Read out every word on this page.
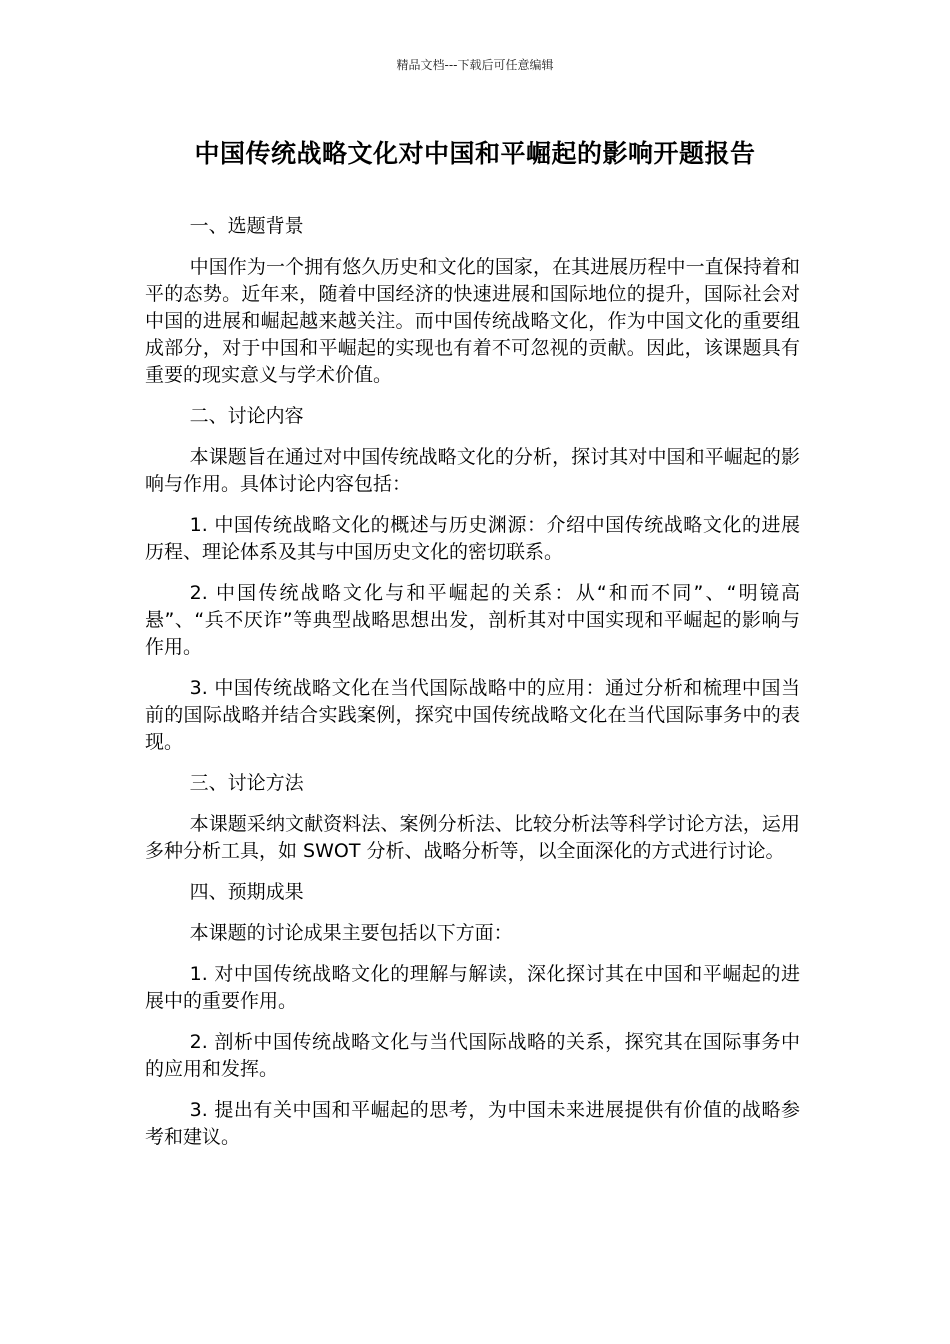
精品文档---下载后可任意编辑
中国传统战略文化对中国和平崛起的影响开题报告

一、选题背景

中国作为一个拥有悠久历史和文化的国家，在其进展历程中一直保持着和平的态势。近年来，随着中国经济的快速进展和国际地位的提升，国际社会对中国的进展和崛起越来越关注。而中国传统战略文化，作为中国文化的重要组成部分，对于中国和平崛起的实现也有着不可忽视的贡献。因此，该课题具有重要的现实意义与学术价值。

二、讨论内容

本课题旨在通过对中国传统战略文化的分析，探讨其对中国和平崛起的影响与作用。具体讨论内容包括：

1. 中国传统战略文化的概述与历史渊源：介绍中国传统战略文化的进展历程、理论体系及其与中国历史文化的密切联系。

2. 中国传统战略文化与和平崛起的关系：从“和而不同”、“明镜高悬”、“兵不厌诈”等典型战略思想出发，剖析其对中国实现和平崛起的影响与作用。

3. 中国传统战略文化在当代国际战略中的应用：通过分析和梳理中国当前的国际战略并结合实践案例，探究中国传统战略文化在当代国际事务中的表现。

三、讨论方法

本课题采纳文献资料法、案例分析法、比较分析法等科学讨论方法，运用多种分析工具，如 SWOT 分析、战略分析等，以全面深化的方式进行讨论。

四、预期成果

本课题的讨论成果主要包括以下方面：

1. 对中国传统战略文化的理解与解读，深化探讨其在中国和平崛起的进展中的重要作用。

2. 剖析中国传统战略文化与当代国际战略的关系，探究其在国际事务中的应用和发挥。

3. 提出有关中国和平崛起的思考，为中国未来进展提供有价值的战略参考和建议。
